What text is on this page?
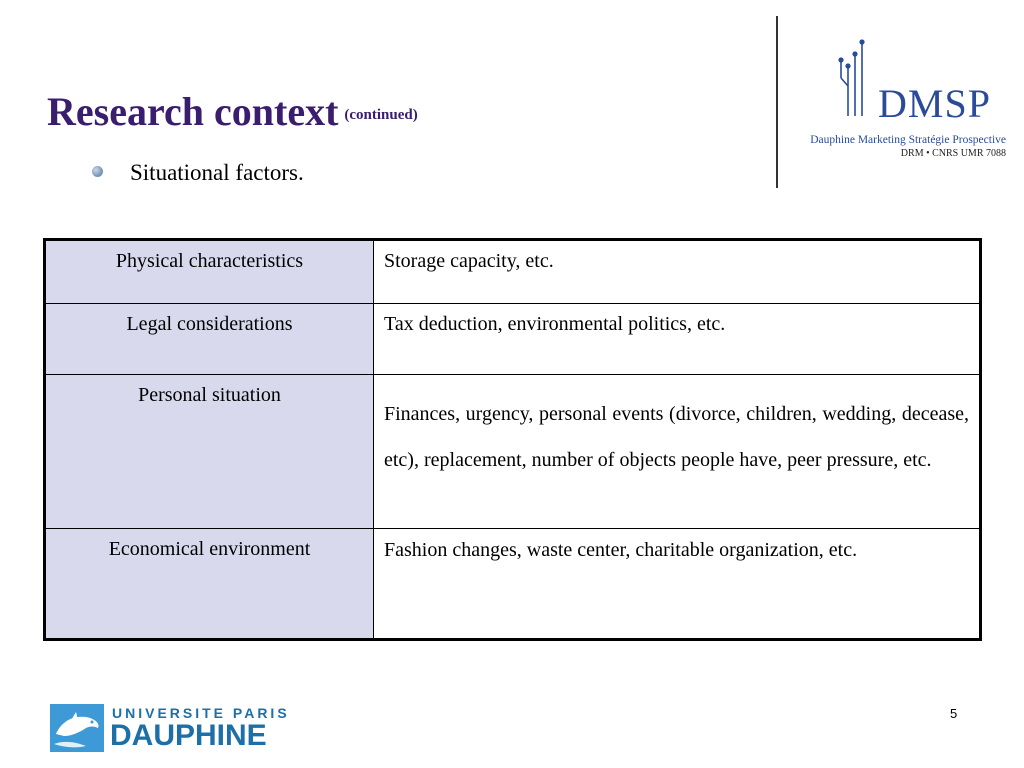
Research context $^{(continued)}$
Situational factors.
DMSP
Dauphine Marketing Stratégie Prospective
DRM • CNRS UMR 7088
Physical characteristics	Storage capacity, etc.
Legal considerations	Tax deduction, environmental politics, etc.
Personal situation	Finances, urgency, personal events (divorce, children, wedding, decease, etc), replacement, number of objects people have, peer pressure, etc.
Economical environment	Fashion changes, waste center, charitable organization, etc.
UNIVERSITE PARIS
DAUPHINE
5
